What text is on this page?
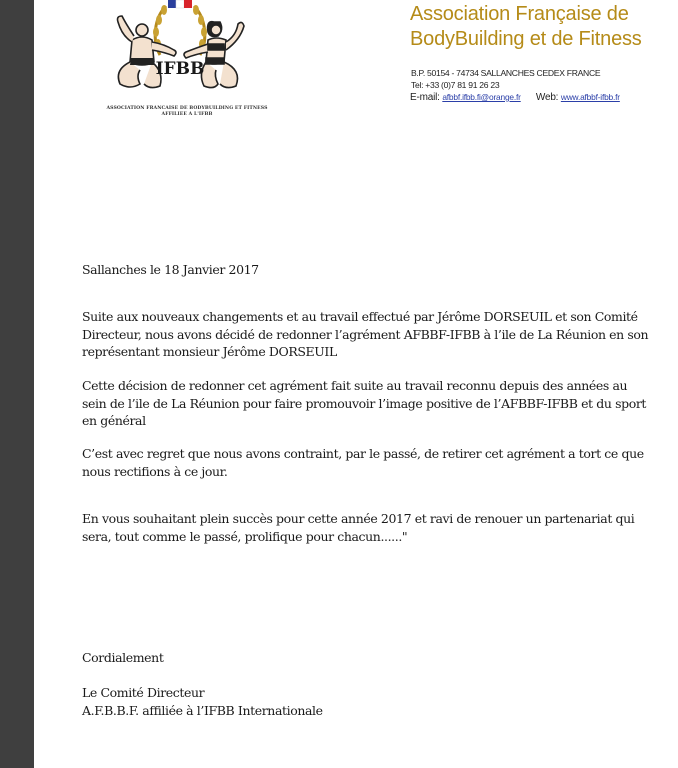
IFBB
ASSOCIATION FRANCAISE DE BODYBUILDING ET FITNESS
AFFILIEE A L'IFBB
Association Française de
BodyBuilding et de Fitness
B.P. 50154 - 74734 SALLANCHES CEDEX FRANCE
Tel: +33 (0)7 81 91 26 23
E-mail: afbbf.ifbb.fi@orange.fr Web: www.afbbf-ifbb.fr
Sallanches le 18 Janvier 2017
Suite aux nouveaux changements et au travail effectué par Jérôme DORSEUIL et son Comité
Directeur, nous avons décidé de redonner l’agrément AFBBF-IFBB à l’ile de La Réunion en son
représentant monsieur Jérôme DORSEUIL
Cette décision de redonner cet agrément fait suite au travail reconnu depuis des années au
sein de l’ile de La Réunion pour faire promouvoir l’image positive de l’AFBBF-IFBB et du sport
en général
C’est avec regret que nous avons contraint, par le passé, de retirer cet agrément a tort ce que
nous rectifions à ce jour.
En vous souhaitant plein succès pour cette année 2017 et ravi de renouer un partenariat qui
sera, tout comme le passé, prolifique pour chacun......"
Cordialement
Le Comité Directeur
A.F.B.B.F. affiliée à l’IFBB Internationale
